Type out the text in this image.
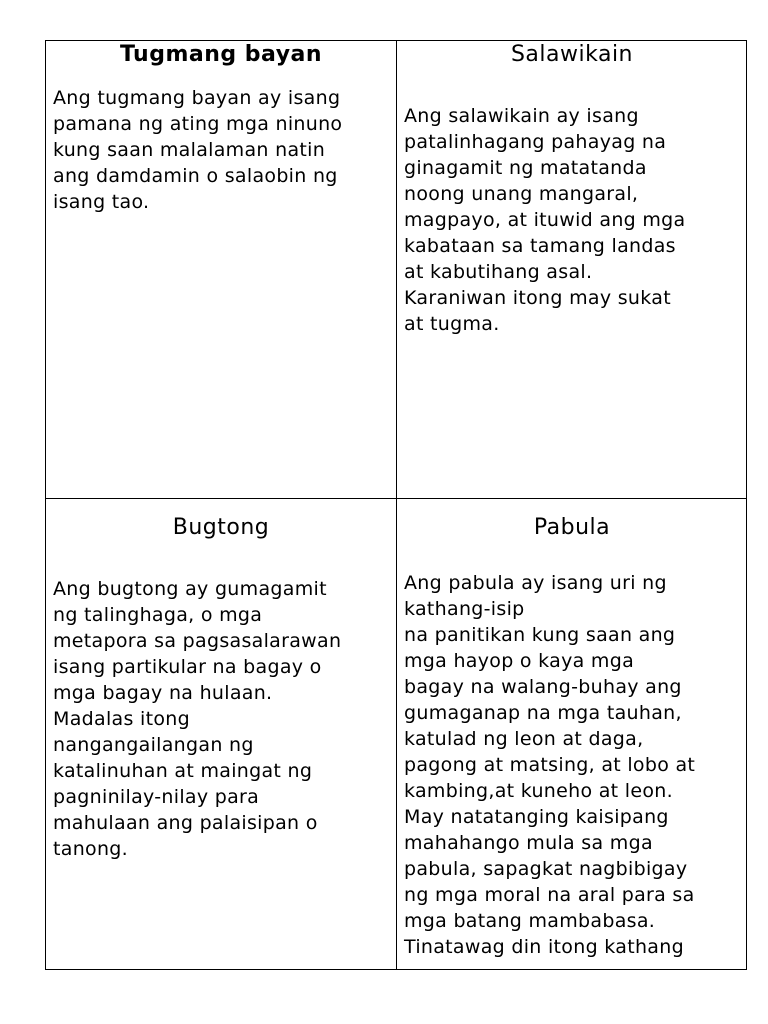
Tugmang bayan
Ang tugmang bayan ay isang
pamana ng ating mga ninuno
kung saan malalaman natin
ang damdamin o salaobin ng
isang tao.
Salawikain
Ang salawikain ay isang
patalinhagang pahayag na
ginagamit ng matatanda
noong unang mangaral,
magpayo, at ituwid ang mga
kabataan sa tamang landas
at kabutihang asal.
Karaniwan itong may sukat
at tugma.
Bugtong
Ang bugtong ay gumagamit
ng talinghaga, o mga
metapora sa pagsasalarawan
isang partikular na bagay o
mga bagay na hulaan.
Madalas itong
nangangailangan ng
katalinuhan at maingat ng
pagninilay-nilay para
mahulaan ang palaisipan o
tanong.
Pabula
Ang pabula ay isang uri ng
kathang-isip
na panitikan kung saan ang
mga hayop o kaya mga
bagay na walang-buhay ang
gumaganap na mga tauhan,
katulad ng leon at daga,
pagong at matsing, at lobo at
kambing,at kuneho at leon.
May natatanging kaisipang
mahahango mula sa mga
pabula, sapagkat nagbibigay
ng mga moral na aral para sa
mga batang mambabasa.
Tinatawag din itong kathang
